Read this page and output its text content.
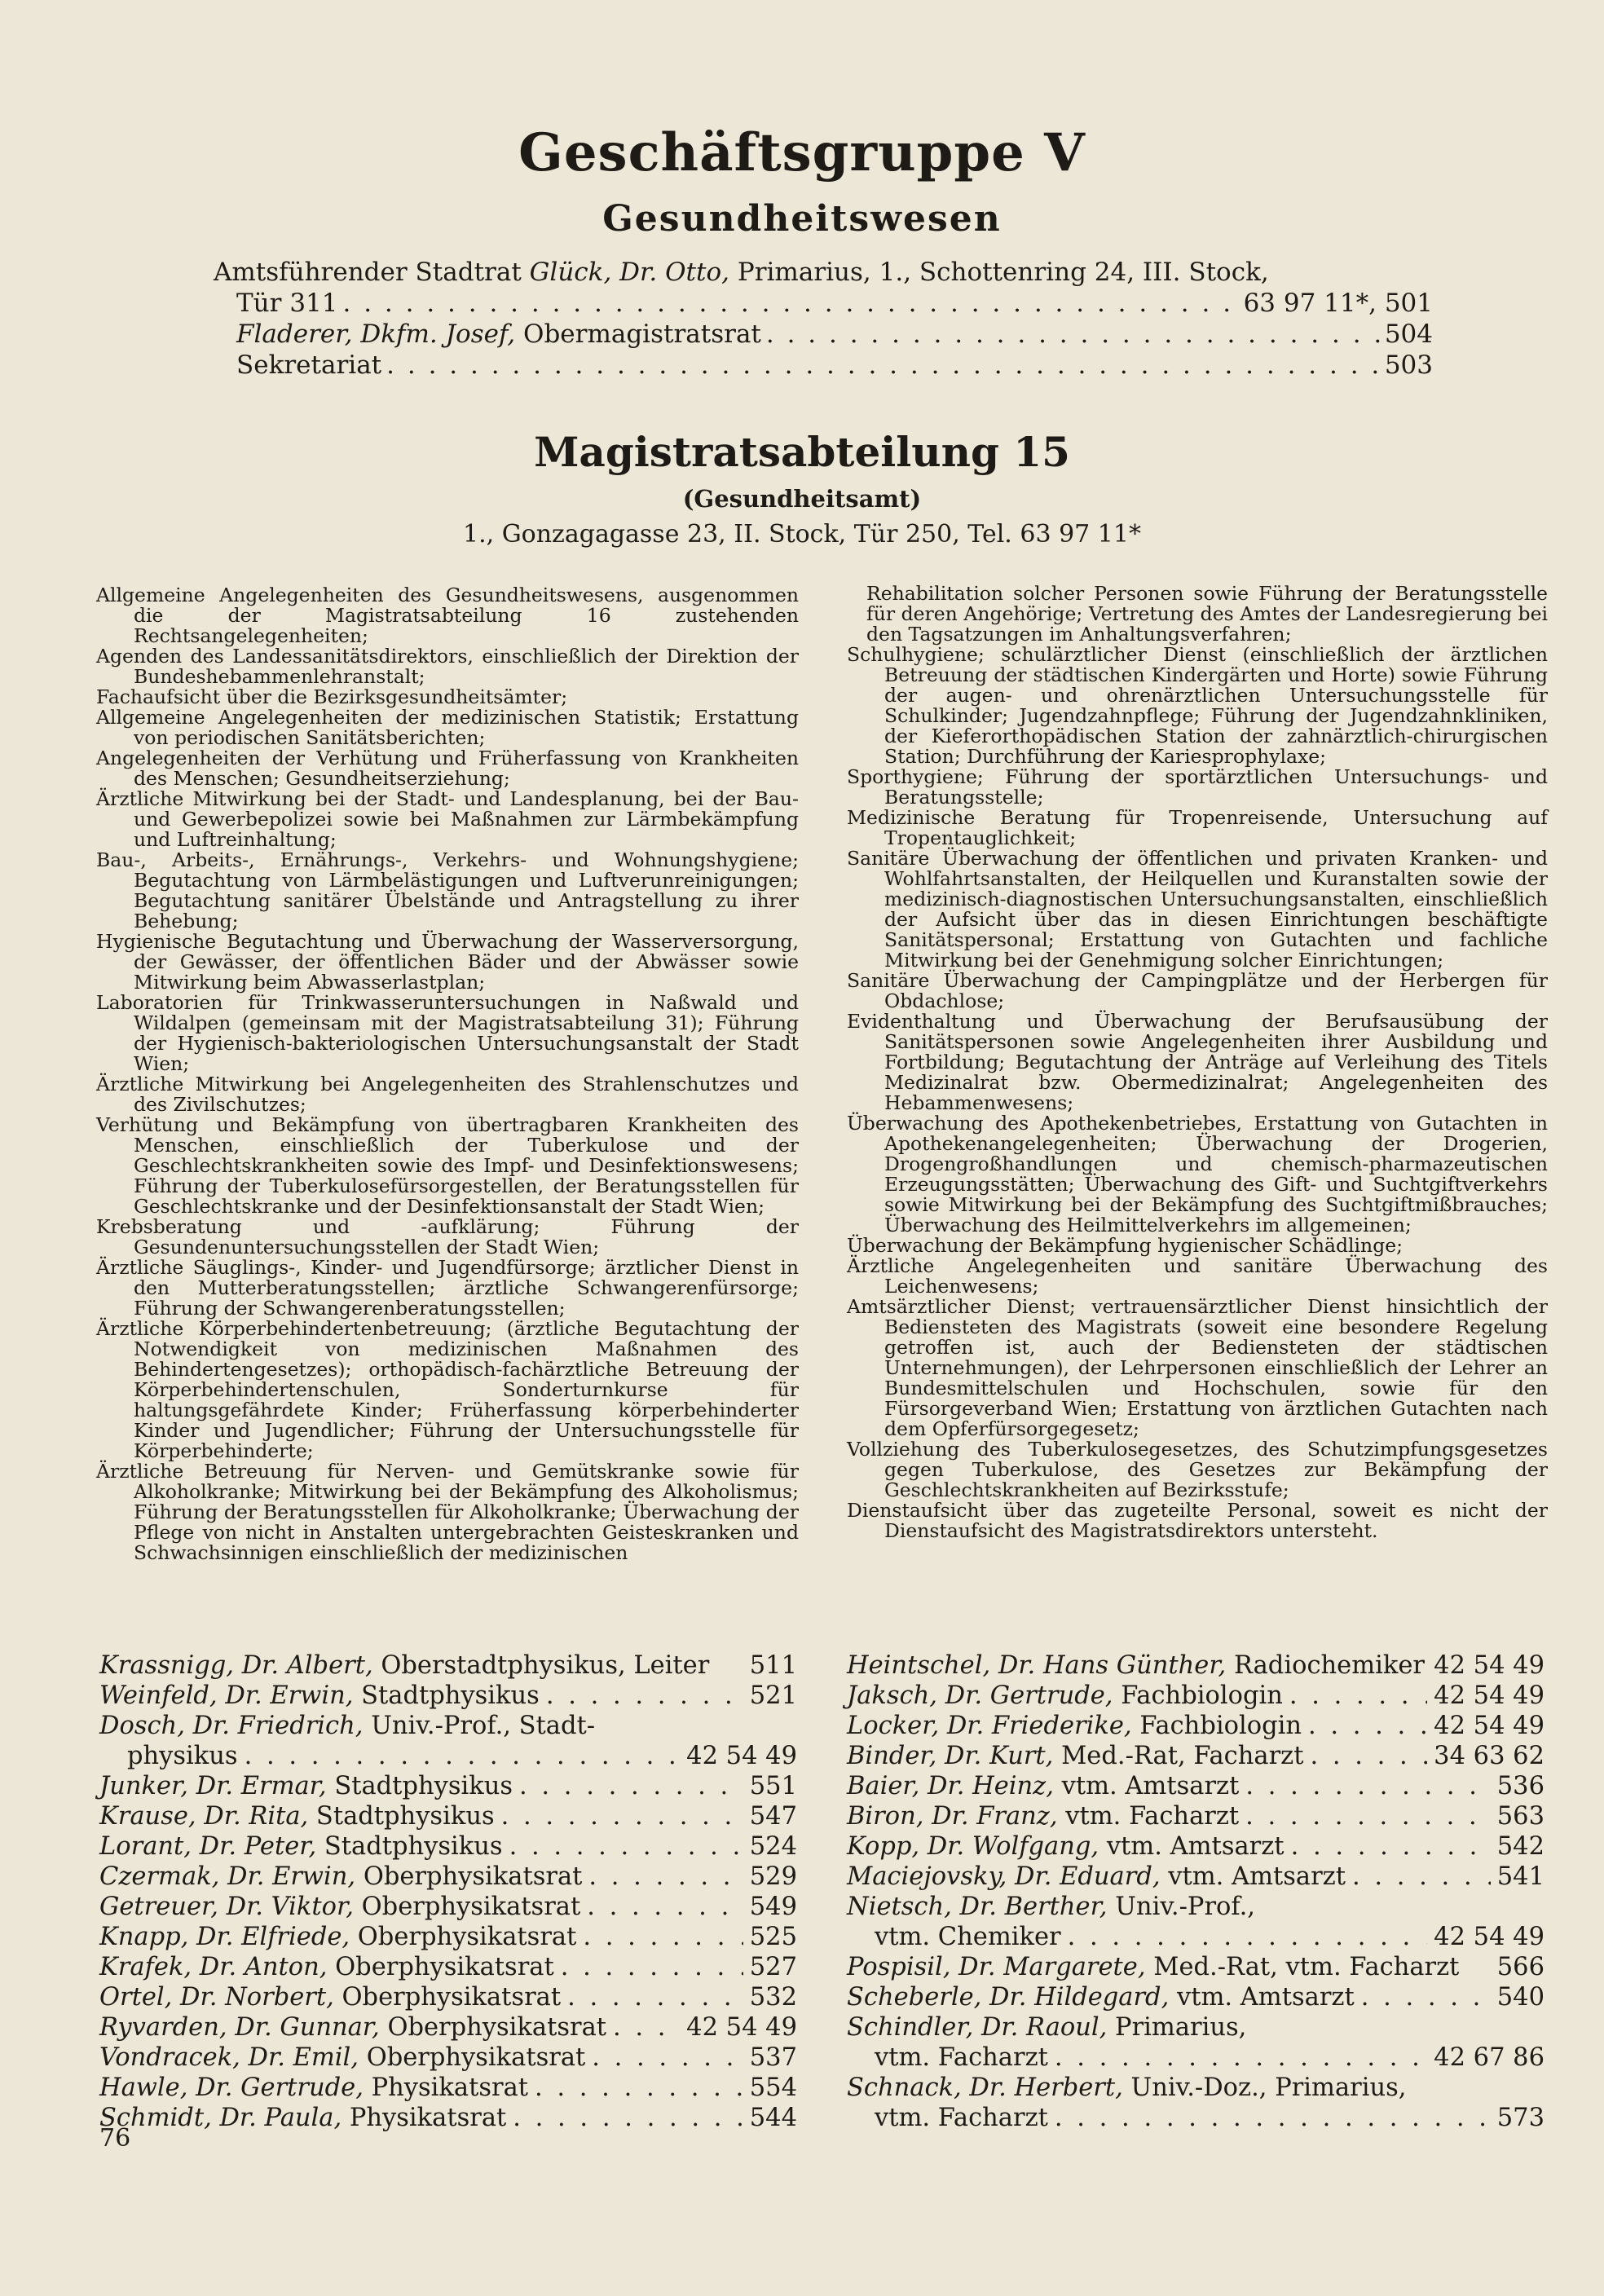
Geschäftsgruppe V
Gesundheitswesen
Amtsführender Stadtrat Glück, Dr. Otto, Primarius, 1., Schottenring 24, III. Stock,
Tür 311 . . .	63 97 11*, 501
Fladerer, Dkfm. Josef,
Obermagistratsrat . . .	504
Sekretariat . . .	503
Magistratsabteilung 15
(Gesundheitsamt)
1., Gonzagagasse 23, II. Stock, Tür 250, Tel. 63 97 11*
Allgemeine Angelegenheiten des Gesundheitswesens, ausgenommen die der Magistratsabteilung 16 zustehenden Rechtsangelegenheiten;
Agenden des Landessanitätsdirektors, einschließlich der Direktion der Bundeshebammenlehranstalt;
Fachaufsicht über die Bezirksgesundheitsämter;
Allgemeine Angelegenheiten der medizinischen Statistik; Erstattung von periodischen Sanitätsberichten;
Angelegenheiten der Verhütung und Früherfassung von Krankheiten des Menschen; Gesundheitserziehung;
Ärztliche Mitwirkung bei der Stadt- und Landesplanung, bei der Bau- und Gewerbepolizei sowie bei Maßnahmen zur Lärmbekämpfung und Luftreinhaltung;
Bau-, Arbeits-, Ernährungs-, Verkehrs- und Wohnungshygiene; Begutachtung von Lärmbelästigungen und Luftverunreinigungen; Begutachtung sanitärer Übelstände und Antragstellung zu ihrer Behebung;
Hygienische Begutachtung und Überwachung der Wasserversorgung, der Gewässer, der öffentlichen Bäder und der Abwässer sowie Mitwirkung beim Abwasserlastplan;
Laboratorien für Trinkwasseruntersuchungen in Naßwald und Wildalpen (gemeinsam mit der Magistratsabteilung 31); Führung der Hygienisch-bakteriologischen Untersuchungsanstalt der Stadt Wien;
Ärztliche Mitwirkung bei Angelegenheiten des Strahlenschutzes und des Zivilschutzes;
Verhütung und Bekämpfung von übertragbaren Krankheiten des Menschen, einschließlich der Tuberkulose und der Geschlechtskrankheiten sowie des Impf- und Desinfektionswesens; Führung der Tuberkulosefürsorgestellen, der Beratungsstellen für Geschlechtskranke und der Desinfektionsanstalt der Stadt Wien;
Krebsberatung und -aufklärung; Führung der Gesundenuntersuchungsstellen der Stadt Wien;
Ärztliche Säuglings-, Kinder- und Jugendfürsorge; ärztlicher Dienst in den Mutterberatungsstellen; ärztliche Schwangerenfürsorge; Führung der Schwangerenberatungsstellen;
Ärztliche Körperbehindertenbetreuung; (ärztliche Begutachtung der Notwendigkeit von medizinischen Maßnahmen des Behindertengesetzes); orthopädisch-fachärztliche Betreuung der Körperbehindertenschulen, Sonderturnkurse für haltungsgefährdete Kinder; Früherfassung körperbehinderter Kinder und Jugendlicher; Führung der Untersuchungsstelle für Körperbehinderte;
Ärztliche Betreuung für Nerven- und Gemütskranke sowie für Alkoholkranke; Mitwirkung bei der Bekämpfung des Alkoholismus; Führung der Beratungsstellen für Alkoholkranke; Überwachung der Pflege von nicht in Anstalten untergebrachten Geisteskranken und Schwachsinnigen einschließlich der medizinischen
Rehabilitation solcher Personen sowie Führung der Beratungsstelle für deren Angehörige; Vertretung des Amtes der Landesregierung bei den Tagsatzungen im Anhaltungsverfahren;
Schulhygiene; schulärztlicher Dienst (einschließlich der ärztlichen Betreuung der städtischen Kindergärten und Horte) sowie Führung der augen- und ohrenärztlichen Untersuchungsstelle für Schulkinder; Jugendzahnpflege; Führung der Jugendzahnkliniken, der Kieferorthopädischen Station der zahnärztlich-chirurgischen Station; Durchführung der Kariesprophylaxe;
Sporthygiene; Führung der sportärztlichen Untersuchungs- und Beratungsstelle;
Medizinische Beratung für Tropenreisende, Untersuchung auf Tropentauglichkeit;
Sanitäre Überwachung der öffentlichen und privaten Kranken- und Wohlfahrtsanstalten, der Heilquellen und Kuranstalten sowie der medizinisch-diagnostischen Untersuchungsanstalten, einschließlich der Aufsicht über das in diesen Einrichtungen beschäftigte Sanitätspersonal; Erstattung von Gutachten und fachliche Mitwirkung bei der Genehmigung solcher Einrichtungen;
Sanitäre Überwachung der Campingplätze und der Herbergen für Obdachlose;
Evidenthaltung und Überwachung der Berufsausübung der Sanitätspersonen sowie Angelegenheiten ihrer Ausbildung und Fortbildung; Begutachtung der Anträge auf Verleihung des Titels Medizinalrat bzw. Obermedizinalrat; Angelegenheiten des Hebammenwesens;
Überwachung des Apothekenbetriebes, Erstattung von Gutachten in Apothekenangelegenheiten; Überwachung der Drogerien, Drogengroßhandlungen und chemisch-pharmazeutischen Erzeugungsstätten; Überwachung des Gift- und Suchtgiftverkehrs sowie Mitwirkung bei der Bekämpfung des Suchtgiftmißbrauches; Überwachung des Heilmittelverkehrs im allgemeinen;
Überwachung der Bekämpfung hygienischer Schädlinge;
Ärztliche Angelegenheiten und sanitäre Überwachung des Leichenwesens;
Amtsärztlicher Dienst; vertrauensärztlicher Dienst hinsichtlich der Bediensteten des Magistrats (soweit eine besondere Regelung getroffen ist, auch der Bediensteten der städtischen Unternehmungen), der Lehrpersonen einschließlich der Lehrer an Bundesmittelschulen und Hochschulen, sowie für den Fürsorgeverband Wien; Erstattung von ärztlichen Gutachten nach dem Opferfürsorgegesetz;
Vollziehung des Tuberkulosegesetzes, des Schutzimpfungsgesetzes gegen Tuberkulose, des Gesetzes zur Bekämpfung der Geschlechtskrankheiten auf Bezirksstufe;
Dienstaufsicht über das zugeteilte Personal, soweit es nicht der Dienstaufsicht des Magistratsdirektors untersteht.
Krassnigg, Dr. Albert,
Oberstadtphysikus, Leiter 511
Weinfeld, Dr. Erwin,
Stadtphysikus . . .	521
Dosch, Dr. Friedrich,
Univ.-Prof., Stadt-
physikus . . .	42 54 49
Junker, Dr. Ermar,
Stadtphysikus . . .	551
Krause, Dr. Rita,
Stadtphysikus . . .	547
Lorant, Dr. Peter,
Stadtphysikus . . .	524
Czermak, Dr. Erwin,
Oberphysikatsrat . . .	529
Getreuer, Dr. Viktor,
Oberphysikatsrat . . .	549
Knapp, Dr. Elfriede,
Oberphysikatsrat . . .	525
Krafek, Dr. Anton,
Oberphysikatsrat . . .	527
Ortel, Dr. Norbert,
Oberphysikatsrat . . .	532
Ryvarden, Dr. Gunnar,
Oberphysikatsrat . . .	42 54 49
Vondracek, Dr. Emil,
Oberphysikatsrat . . .	537
Hawle, Dr. Gertrude,
Physikatsrat . . .	554
Schmidt, Dr. Paula,
Physikatsrat . . .	544
Heintschel, Dr. Hans Günther,
Radiochemiker 42 54 49
Jaksch, Dr. Gertrude,
Fachbiologin . . .	42 54 49
Locker, Dr. Friederike,
Fachbiologin . . .	42 54 49
Binder, Dr. Kurt,
Med.-Rat, Facharzt . . .	34 63 62
Baier, Dr. Heinz,
vtm. Amtsarzt . . .	536
Biron, Dr. Franz,
vtm. Facharzt . . .	563
Kopp, Dr. Wolfgang,
vtm. Amtsarzt . . .	542
Maciejovsky, Dr. Eduard,
vtm. Amtsarzt . . .	541
Nietsch, Dr. Berther,
Univ.-Prof.,
vtm. Chemiker . . .	42 54 49
Pospisil, Dr. Margarete,
Med.-Rat, vtm. Facharzt 566
Scheberle, Dr. Hildegard,
vtm. Amtsarzt . . .	540
Schindler, Dr. Raoul,
Primarius,
vtm. Facharzt . . .	42 67 86
Schnack, Dr. Herbert,
Univ.-Doz., Primarius,
vtm. Facharzt . . .	573
76
